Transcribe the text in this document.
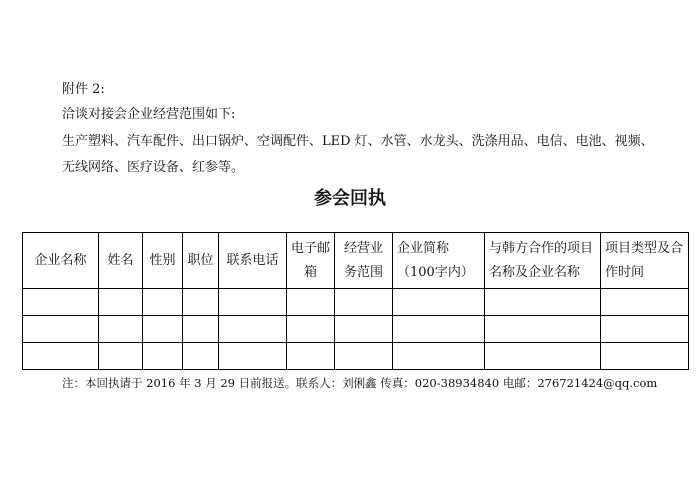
附件 2:
洽谈对接会企业经营范围如下:
生产塑料、汽车配件、出口锅炉、空调配件、LED 灯、水管、水龙头、洗涤用品、电信、电池、视频、
无线网络、医疗设备、红参等。
参会回执
企业名称	姓名	性别	职位	联系电话	电子邮箱	经营业务范围	企业简称（100字内）	与韩方合作的项目名称及企业名称	项目类型及合作时间

注：本回执请于 2016 年 3 月 29 日前报送。联系人：刘俐鑫 传真：020-38934840 电邮：276721424@qq.com
